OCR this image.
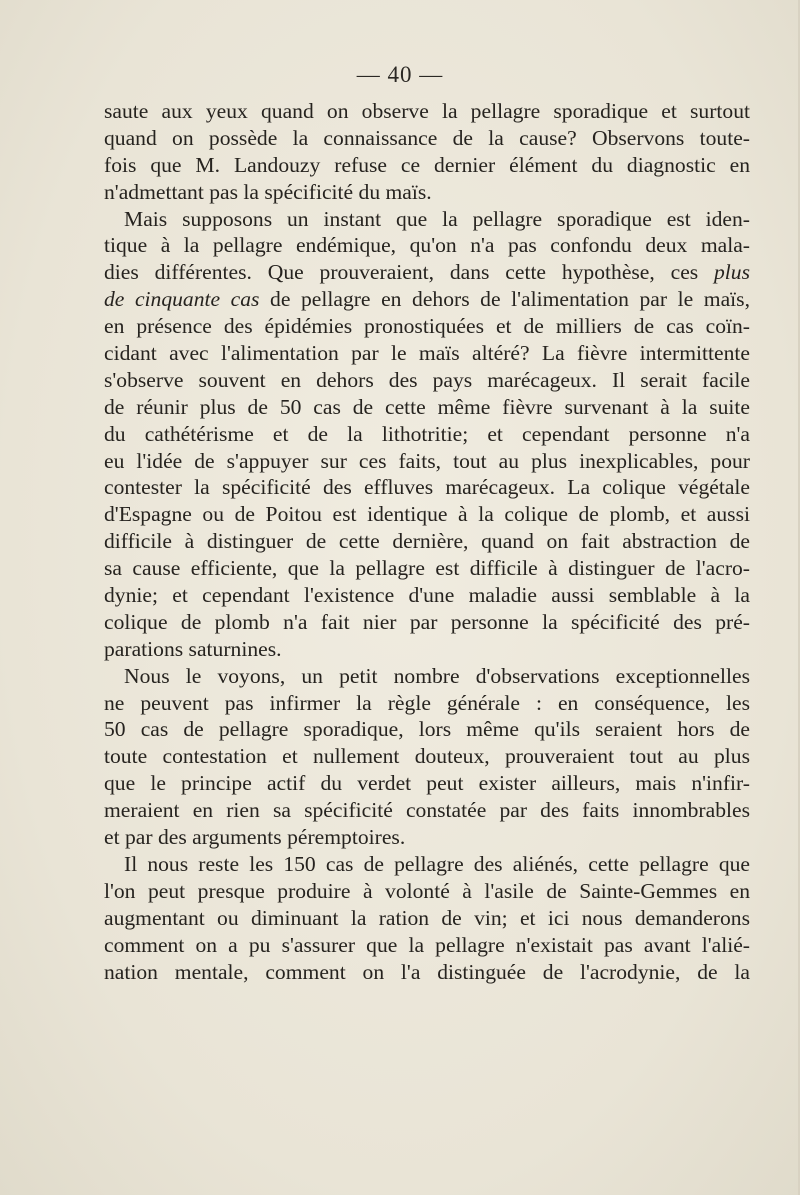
— 40 —
saute aux yeux quand on observe la pellagre sporadique et surtout
quand on possède la connaissance de la cause? Observons toute-
fois que M. Landouzy refuse ce dernier élément du diagnostic en
n'admettant pas la spécificité du maïs.
Mais supposons un instant que la pellagre sporadique est iden-
tique à la pellagre endémique, qu'on n'a pas confondu deux mala-
dies différentes. Que prouveraient, dans cette hypothèse, ces plus
de cinquante cas de pellagre en dehors de l'alimentation par le maïs,
en présence des épidémies pronostiquées et de milliers de cas coïn-
cidant avec l'alimentation par le maïs altéré? La fièvre intermittente
s'observe souvent en dehors des pays marécageux. Il serait facile
de réunir plus de 50 cas de cette même fièvre survenant à la suite
du cathétérisme et de la lithotritie; et cependant personne n'a
eu l'idée de s'appuyer sur ces faits, tout au plus inexplicables, pour
contester la spécificité des effluves marécageux. La colique végétale
d'Espagne ou de Poitou est identique à la colique de plomb, et aussi
difficile à distinguer de cette dernière, quand on fait abstraction de
sa cause efficiente, que la pellagre est difficile à distinguer de l'acro-
dynie; et cependant l'existence d'une maladie aussi semblable à la
colique de plomb n'a fait nier par personne la spécificité des pré-
parations saturnines.
Nous le voyons, un petit nombre d'observations exceptionnelles
ne peuvent pas infirmer la règle générale : en conséquence, les
50 cas de pellagre sporadique, lors même qu'ils seraient hors de
toute contestation et nullement douteux, prouveraient tout au plus
que le principe actif du verdet peut exister ailleurs, mais n'infir-
meraient en rien sa spécificité constatée par des faits innombrables
et par des arguments péremptoires.
Il nous reste les 150 cas de pellagre des aliénés, cette pellagre que
l'on peut presque produire à volonté à l'asile de Sainte-Gemmes en
augmentant ou diminuant la ration de vin; et ici nous demanderons
comment on a pu s'assurer que la pellagre n'existait pas avant l'alié-
nation mentale, comment on l'a distinguée de l'acrodynie, de la
